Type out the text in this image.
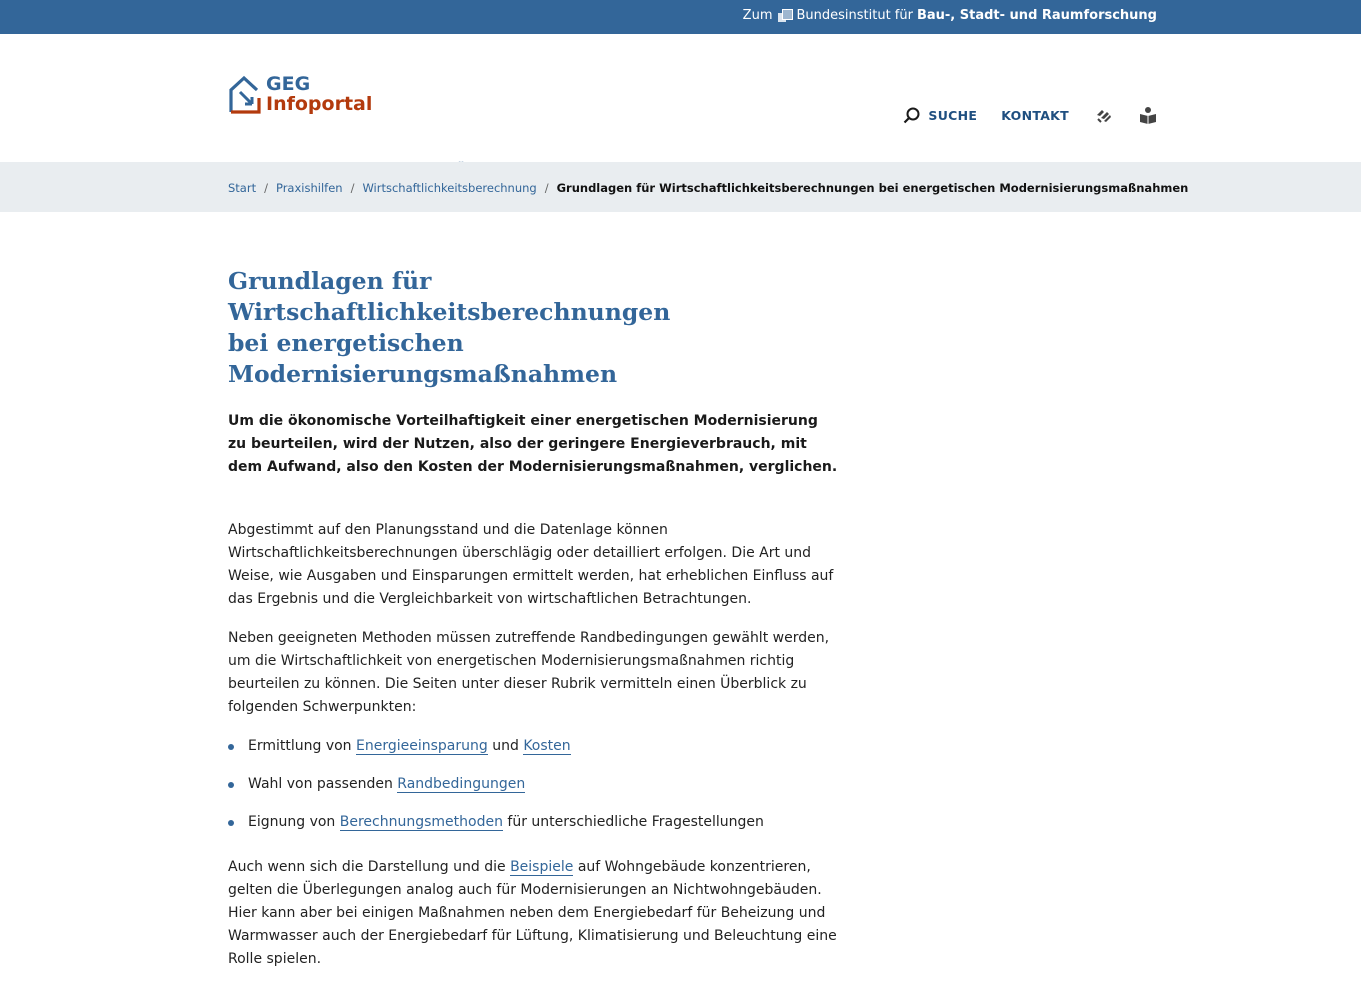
Zum Bundesinstitut für Bau-, Stadt- und Raumforschung
GEG
Infoportal	SUCHE KONTAKT
Start / Praxishilfen / Wirtschaftlichkeitsberechnung / Grundlagen für Wirtschaftlichkeitsberechnungen bei energetischen Modernisierungsmaßnahmen
Grundlagen für Wirtschaftlichkeitsberechnungen
bei energetischen Modernisierungsmaßnahmen

Um die ökonomische Vorteilhaftigkeit einer energetischen Modernisierung zu beurteilen, wird der Nutzen, also der geringere Energieverbrauch, mit dem Aufwand, also den Kosten der Modernisierungsmaßnahmen, verglichen.

Abgestimmt auf den Planungsstand und die Datenlage können Wirtschaftlichkeitsberechnungen überschlägig oder detailliert erfolgen. Die Art und Weise, wie Ausgaben und Einsparungen ermittelt werden, hat erheblichen Einfluss auf das Ergebnis und die Vergleichbarkeit von wirtschaftlichen Betrachtungen.

Neben geeigneten Methoden müssen zutreffende Randbedingungen gewählt werden, um die Wirtschaftlichkeit von energetischen Modernisierungsmaßnahmen richtig beurteilen zu können. Die Seiten unter dieser Rubrik vermitteln einen Überblick zu folgenden Schwerpunkten:

Ermittlung von Energieeinsparung und Kosten
Wahl von passenden Randbedingungen
Eignung von Berechnungsmethoden für unterschiedliche Fragestellungen

Auch wenn sich die Darstellung und die Beispiele auf Wohngebäude konzentrieren, gelten die Überlegungen analog auch für Modernisierungen an Nichtwohngebäuden. Hier kann aber bei einigen Maßnahmen neben dem Energiebedarf für Beheizung und Warmwasser auch der Energiebedarf für Lüftung, Klimatisierung und Beleuchtung eine Rolle spielen.
